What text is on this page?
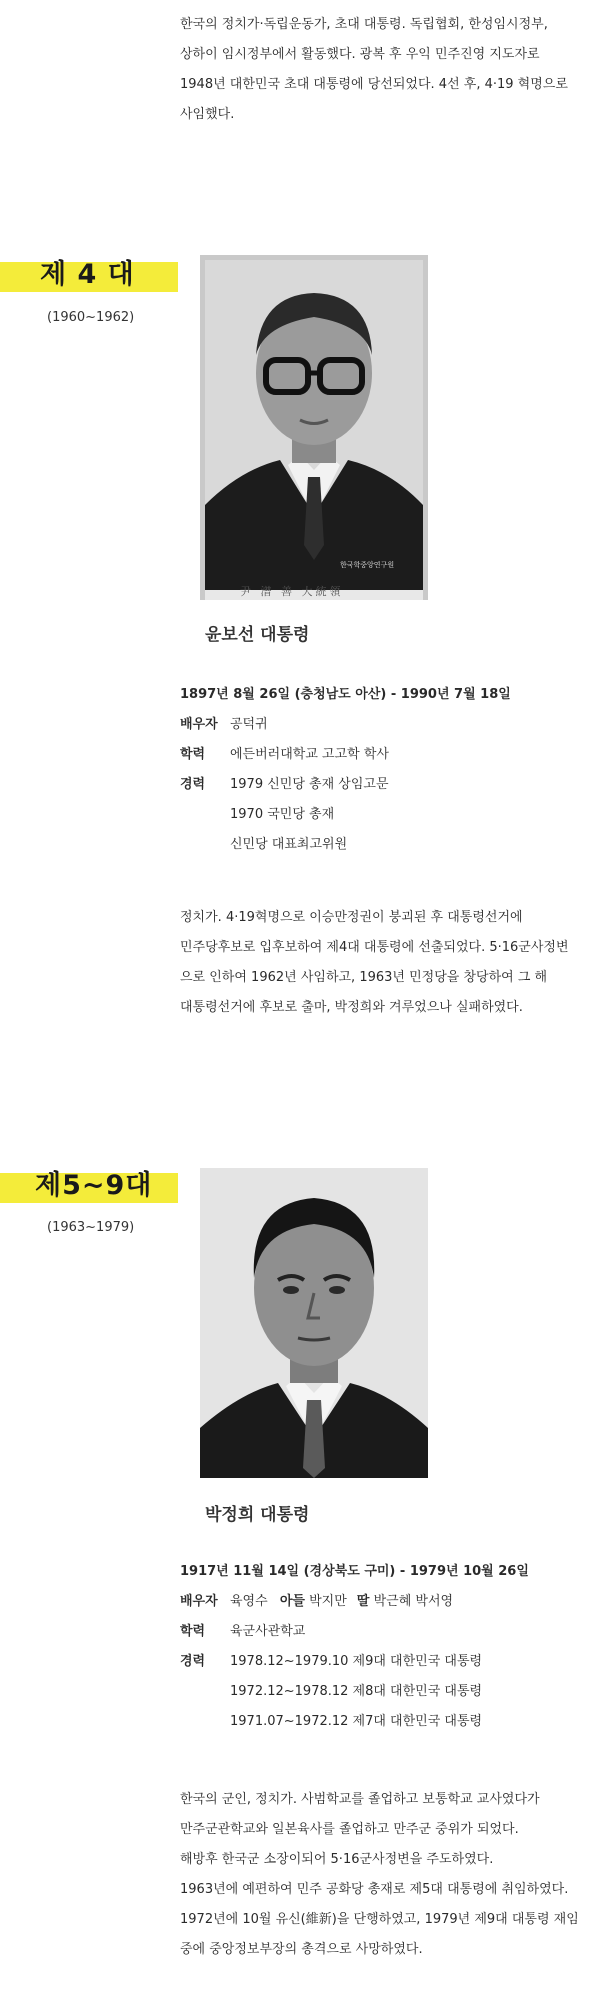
한국의 정치가·독립운동가, 초대 대통령. 독립협회, 한성임시정부,

상하이 임시정부에서 활동했다. 광복 후 우익 민주진영 지도자로

1948년 대한민국 초대 대통령에 당선되었다. 4선 후, 4·19 혁명으로

사임했다.

제 4 대
(1960~1962)
尹 潽 善 大統領
한국학중앙연구원
윤보선 대통령
1897년 8월 26일 (충청남도 아산) - 1990년 7월 18일
배우자 공덕귀
학력 에든버러대학교 고고학 학사
경력 1979 신민당 총재 상임고문
1970 국민당 총재
신민당 대표최고위원

정치가. 4·19혁명으로 이승만정권이 붕괴된 후 대통령선거에

민주당후보로 입후보하여 제4대 대통령에 선출되었다. 5·16군사정변

으로 인하여 1962년 사임하고, 1963년 민정당을 창당하여 그 해

대통령선거에 후보로 출마, 박정희와 겨루었으나 실패하였다.

제5~9대
(1963~1979)
박정희 대통령
1917년 11월 14일 (경상북도 구미) - 1979년 10월 26일
배우자 육영수 아들 박지만 딸 박근혜 박서영
학력 육군사관학교
경력 1978.12~1979.10 제9대 대한민국 대통령
1972.12~1978.12 제8대 대한민국 대통령
1971.07~1972.12 제7대 대한민국 대통령

한국의 군인, 정치가. 사범학교를 졸업하고 보통학교 교사였다가

만주군관학교와 일본육사를 졸업하고 만주군 중위가 되었다.

해방후 한국군 소장이되어 5·16군사정변을 주도하였다.

1963년에 예편하여 민주 공화당 총재로 제5대 대통령에 취임하였다.

1972년에 10월 유신(維新)을 단행하였고, 1979년 제9대 대통령 재임

중에 중앙정보부장의 총격으로 사망하였다.
